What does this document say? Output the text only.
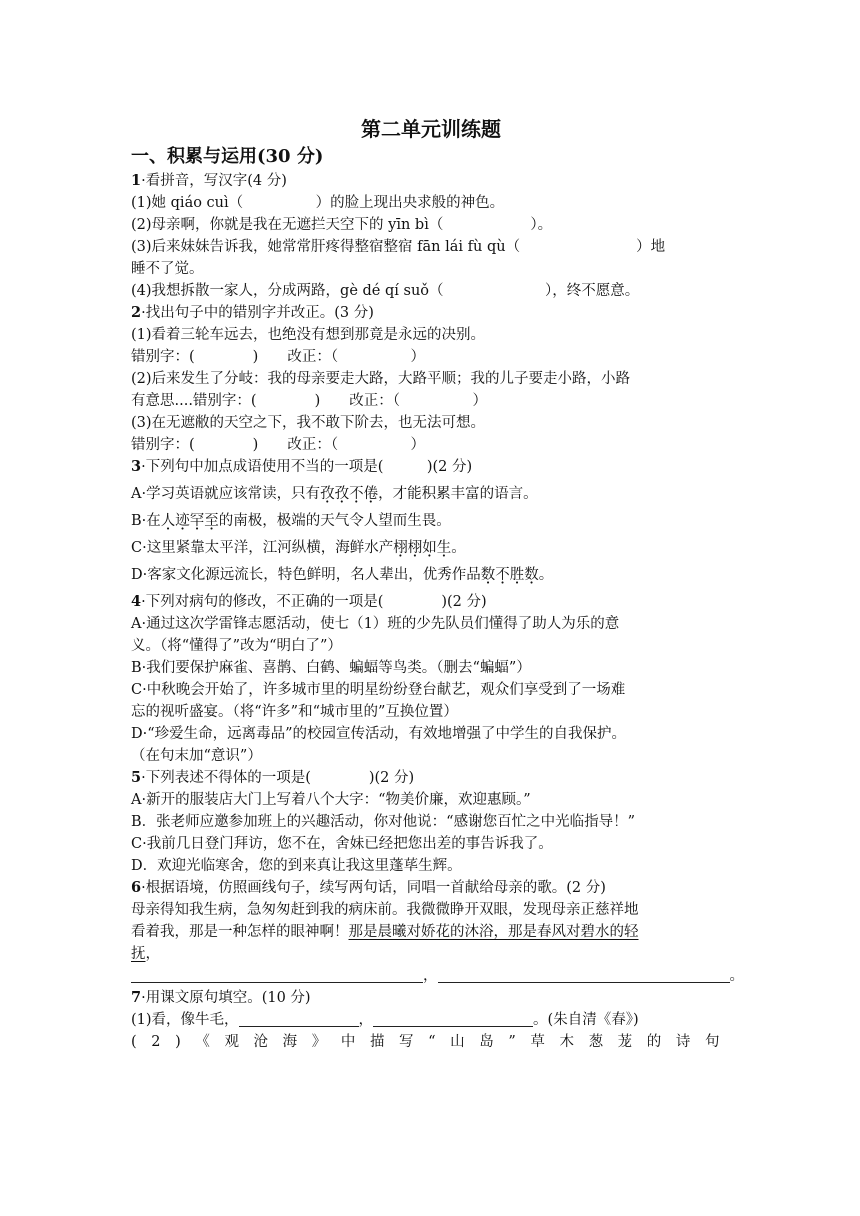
第二单元训练题
一、积累与运用(30 分)
1·看拼音，写汉字(4 分)
(1)她 qiáo cuì（　　　　　）的脸上现出央求般的神色。
(2)母亲啊，你就是我在无遮拦天空下的 yīn bì（　　　　　　）。
(3)后来妹妹告诉我，她常常肝疼得整宿整宿 fān lái fù qù（　　　　　　　　）地
睡不了觉。
(4)我想拆散一家人，分成两路，gè dé qí suǒ（　　　　　　　），终不愿意。
2·找出句子中的错别字并改正。(3 分)
(1)看着三轮车远去，也绝没有想到那竟是永远的决别。
错别字：(　　　　)　　改正：（　　　　　）
(2)后来发生了分岐：我的母亲要走大路，大路平顺；我的儿子要走小路，小路
有意思....错别字：(　　　　)　　改正：（　　　　　）
(3)在无遮敝的天空之下，我不敢下阶去，也无法可想。
错别字：(　　　　)　　改正：（　　　　　）
3·下列句中加点成语使用不当的一项是(　　　)(2 分)
A·学习英语就应该常读，只有孜孜不倦，才能积累丰富的语言。
B·在人迹罕至的南极，极端的天气令人望而生畏。
C·这里紧靠太平洋，江河纵横，海鲜水产栩栩如生。
D·客家文化源远流长，特色鲜明，名人辈出，优秀作品数不胜数。
4·下列对病句的修改，不正确的一项是(　　　　)(2 分)
A·通过这次学雷锋志愿活动，使七（1）班的少先队员们懂得了助人为乐的意
义。（将“懂得了”改为“明白了”）
B·我们要保护麻雀、喜鹊、白鹤、蝙蝠等鸟类。（删去“蝙蝠”）
C·中秋晚会开始了，许多城市里的明星纷纷登台献艺，观众们享受到了一场难
忘的视听盛宴。（将“许多”和“城市里的”互换位置）
D·“珍爱生命，远离毒品”的校园宣传活动，有效地增强了中学生的自我保护。
（在句末加“意识”）
5·下列表述不得体的一项是(　　　　)(2 分)
A·新开的服装店大门上写着八个大字：“物美价廉，欢迎惠顾。”
B．张老师应邀参加班上的兴趣活动，你对他说：“感谢您百忙之中光临指导！”
C·我前几日登门拜访，您不在，舍妹已经把您出差的事告诉我了。
D．欢迎光临寒舍，您的到来真让我这里蓬荜生辉。
6·根据语境，仿照画线句子，续写两句话，同唱一首献给母亲的歌。(2 分)
母亲得知我生病，急匆匆赶到我的病床前。我微微睁开双眼，发现母亲正慈祥地
看着我，那是一种怎样的眼神啊！那是晨曦对娇花的沐浴，那是春风对碧水的轻
抚，
，	。
7·用课文原句填空。(10 分)
(1)看，像牛毛，	，	。(朱自清《春》)
(2)《观沧海》中描写“山岛”草木葱茏的诗句
